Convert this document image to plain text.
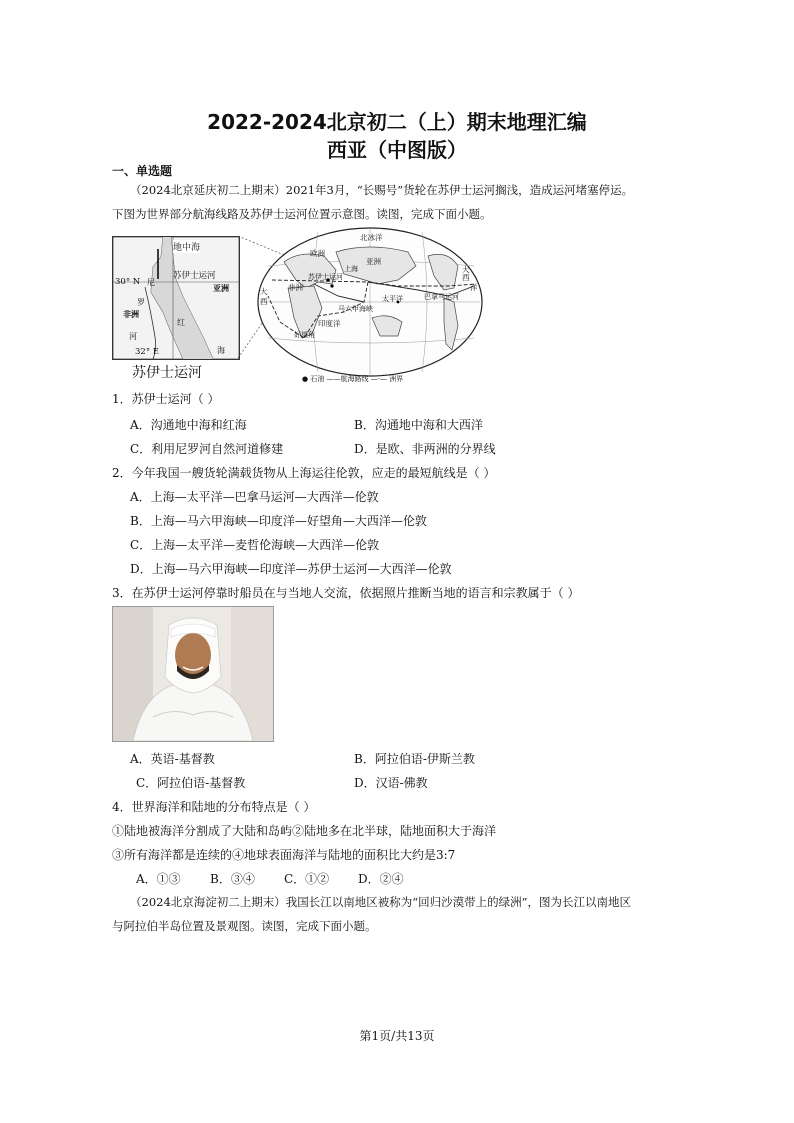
2022-2024北京初二（上）期末地理汇编
西亚（中图版）
一、单选题
（2024北京延庆初二上期末）2021年3月，“长赐号”货轮在苏伊士运河搁浅，造成运河堵塞停运。
下图为世界部分航海线路及苏伊士运河位置示意图。读图，完成下面小题。
地中海
苏伊士运河
亚洲
30° N 尼
罗
非洲
河
32° E
红
海
苏伊士运河
北冰洋
欧洲
亚洲
上海
苏伊士运河
非洲
太平洋	巴拿马运河
马六甲海峡
印度洋
好望角
大
西
洋
大
西
● 石油 ——航海路线 —·— 洲界
1．苏伊士运河（ ）
A．沟通地中海和红海	B．沟通地中海和大西洋
C．利用尼罗河自然河道修建	D．是欧、非两洲的分界线
2．今年我国一艘货轮满载货物从上海运往伦敦，应走的最短航线是（ ）
A．上海—太平洋—巴拿马运河—大西洋—伦敦
B．上海—马六甲海峡—印度洋—好望角—大西洋—伦敦
C．上海—太平洋—麦哲伦海峡—大西洋—伦敦
D．上海—马六甲海峡—印度洋—苏伊士运河—大西洋—伦敦
3．在苏伊士运河停靠时船员在与当地人交流，依据照片推断当地的语言和宗教属于（ ）
A．英语-基督教	B．阿拉伯语-伊斯兰教
C．阿拉伯语-基督教	D．汉语-佛教
4．世界海洋和陆地的分布特点是（ ）
①陆地被海洋分割成了大陆和岛屿②陆地多在北半球，陆地面积大于海洋
③所有海洋都是连续的④地球表面海洋与陆地的面积比大约是3:7
A．①③ B．③④ C．①② D．②④
（2024北京海淀初二上期末）我国长江以南地区被称为“回归沙漠带上的绿洲”，图为长江以南地区
与阿拉伯半岛位置及景观图。读图，完成下面小题。
第1页/共13页
